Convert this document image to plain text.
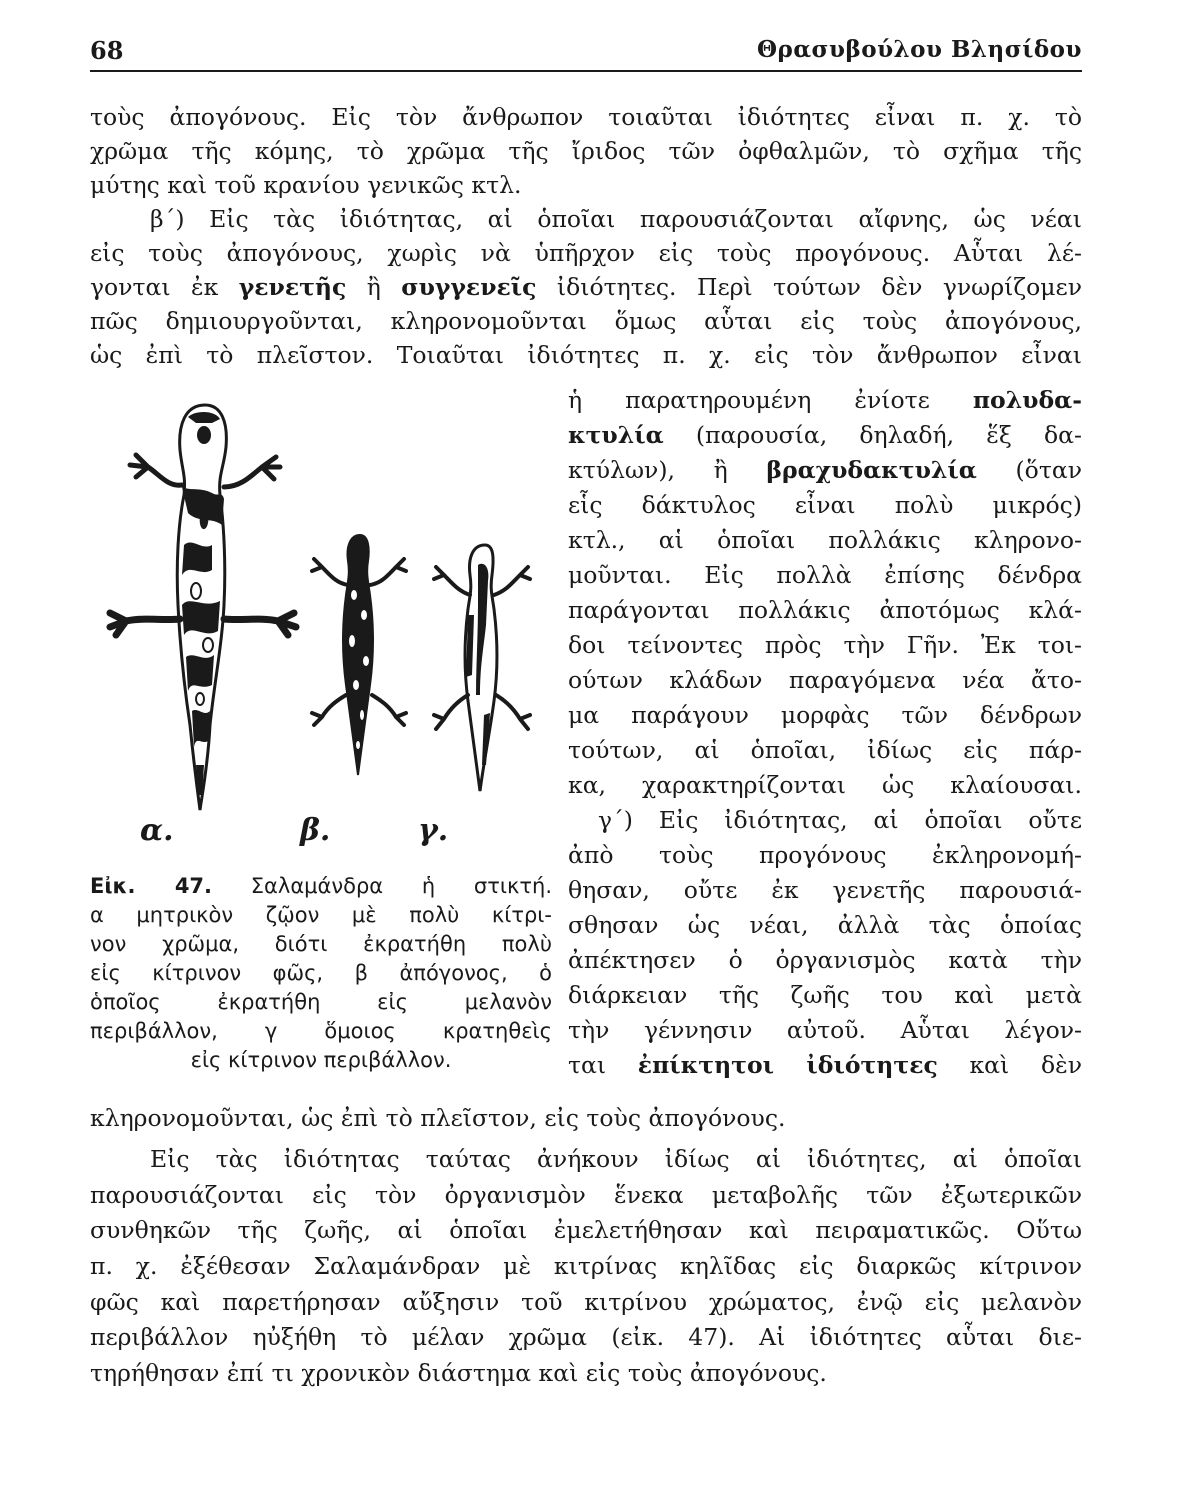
68	Θρασυβούλου Βλησίδου
τοὺς ἀπογόνους. Εἰς τὸν ἄνθρωπον τοιαῦται ἰδιότητες εἶναι π. χ. τὸ
χρῶμα τῆς κόμης, τὸ χρῶμα τῆς ἴριδος τῶν ὀφθαλμῶν, τὸ σχῆμα τῆς
μύτης καὶ τοῦ κρανίου γενικῶς κτλ.
β΄) Εἰς τὰς ἰδιότητας, αἱ ὁποῖαι παρουσιάζονται αἴφνης, ὡς νέαι
εἰς τοὺς ἀπογόνους, χωρὶς νὰ ὑπῆρχον εἰς τοὺς προγόνους. Αὗται λέ-
γονται ἐκ γενετῆς ἢ συγγενεῖς ἰδιότητες. Περὶ τούτων δὲν γνωρίζομεν
πῶς δημιουργοῦνται, κληρονομοῦνται ὅμως αὗται εἰς τοὺς ἀπογόνους,
ὡς ἐπὶ τὸ πλεῖστον. Τοιαῦται ἰδιότητες π. χ. εἰς τὸν ἄνθρωπον εἶναι
ἡ παρατηρουμένη ἐνίοτε πολυδα-
κτυλία (παρουσία, δηλαδή, ἕξ δα-
κτύλων), ἢ βραχυδακτυλία (ὅταν
εἷς δάκτυλος εἶναι πολὺ μικρός)
κτλ., αἱ ὁποῖαι πολλάκις κληρονο-
μοῦνται. Εἰς πολλὰ ἐπίσης δένδρα
παράγονται πολλάκις ἀποτόμως κλά-
δοι τείνοντες πρὸς τὴν Γῆν. Ἐκ τοι-
ούτων κλάδων παραγόμενα νέα ἄτο-
μα παράγουν μορφὰς τῶν δένδρων
τούτων, αἱ ὁποῖαι, ἰδίως εἰς πάρ-
κα, χαρακτηρίζονται ὡς κλαίουσαι.
γ΄) Εἰς ἰδιότητας, αἱ ὁποῖαι οὔτε
ἀπὸ τοὺς προγόνους ἐκληρονομή-
θησαν, οὔτε ἐκ γενετῆς παρουσιά-
σθησαν ὡς νέαι, ἀλλὰ τὰς ὁποίας
ἀπέκτησεν ὁ ὀργανισμὸς κατὰ τὴν
διάρκειαν τῆς ζωῆς του καὶ μετὰ
τὴν γέννησιν αὐτοῦ. Αὗται λέγον-
ται ἐπίκτητοι ἰδιότητες καὶ δὲν
α.	β.	γ.
Εἰκ. 47. Σαλαμάνδρα ἡ στικτή.
α μητρικὸν ζῷον μὲ πολὺ κίτρι-
νον χρῶμα, διότι ἐκρατήθη πολὺ
εἰς κίτρινον φῶς, β ἀπόγονος, ὁ
ὁποῖος ἐκρατήθη εἰς μελανὸν
περιβάλλον, γ ὅμοιος κρατηθεὶς
εἰς κίτρινον περιβάλλον.
κληρονομοῦνται, ὡς ἐπὶ τὸ πλεῖστον, εἰς τοὺς ἀπογόνους.
Εἰς τὰς ἰδιότητας ταύτας ἀνήκουν ἰδίως αἱ ἰδιότητες, αἱ ὁποῖαι
παρουσιάζονται εἰς τὸν ὀργανισμὸν ἕνεκα μεταβολῆς τῶν ἐξωτερικῶν
συνθηκῶν τῆς ζωῆς, αἱ ὁποῖαι ἐμελετήθησαν καὶ πειραματικῶς. Οὕτω
π. χ. ἐξέθεσαν Σαλαμάνδραν μὲ κιτρίνας κηλῖδας εἰς διαρκῶς κίτρινον
φῶς καὶ παρετήρησαν αὔξησιν τοῦ κιτρίνου χρώματος, ἐνῷ εἰς μελανὸν
περιβάλλον ηὐξήθη τὸ μέλαν χρῶμα (εἰκ. 47). Αἱ ἰδιότητες αὗται διε-
τηρήθησαν ἐπί τι χρονικὸν διάστημα καὶ εἰς τοὺς ἀπογόνους.
